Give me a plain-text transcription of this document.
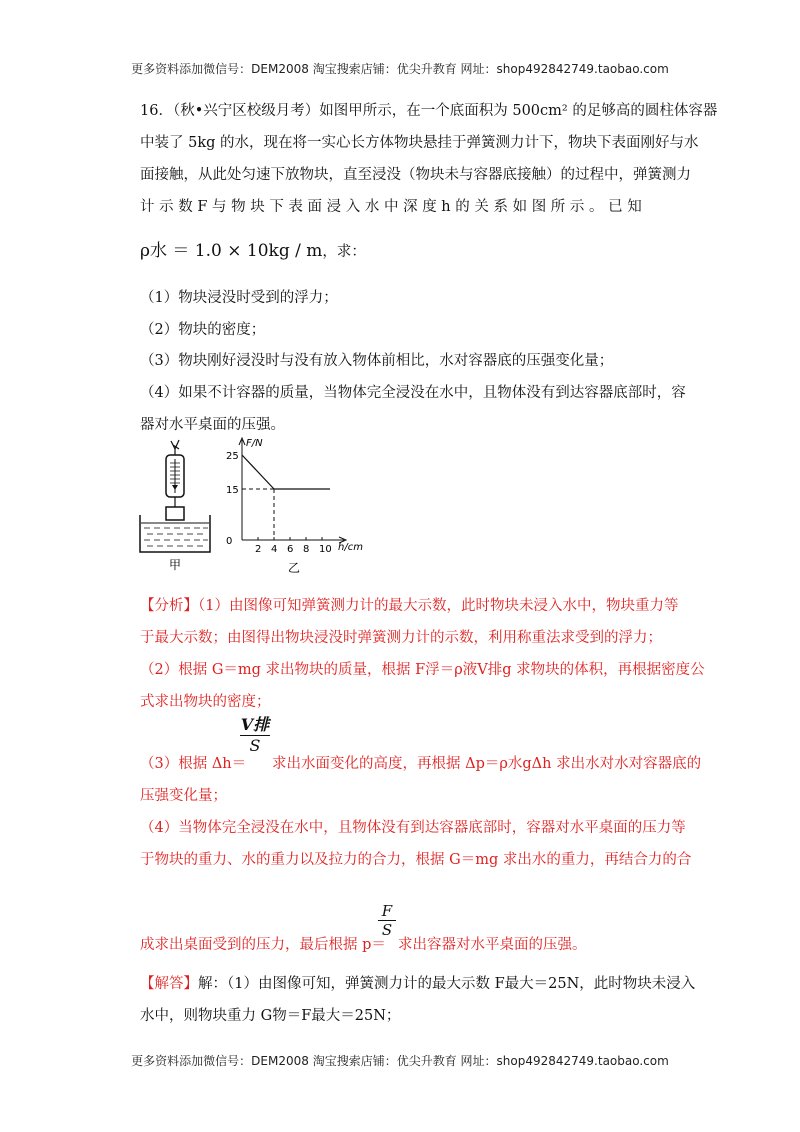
更多资料添加微信号：DEM2008 淘宝搜索店铺：优尖升教育 网址：shop492842749.taobao.com
16．（秋•兴宁区校级月考）如图甲所示，在一个底面积为 500cm² 的足够高的圆柱体容器
中装了 5kg 的水，现在将一实心长方体物块悬挂于弹簧测力计下，物块下表面刚好与水
面接触，从此处匀速下放物块，直至浸没（物块未与容器底接触）的过程中，弹簧测力
计 示 数 F 与 物 块 下 表 面 浸 入 水 中 深 度 h 的 关 系 如 图 所 示 。 已 知
ρ水 ＝ 1.0 × 10kg / m，求：
（1）物块浸没时受到的浮力；
（2）物块的密度；
（3）物块刚好浸没时与没有放入物体前相比，水对容器底的压强变化量；
（4）如果不计容器的质量，当物体完全浸没在水中，且物体没有到达容器底部时，容
器对水平桌面的压强。
甲
F/N
h/cm
25
15
0
2 4 6 8 10
乙
【分析】（1）由图像可知弹簧测力计的最大示数，此时物块未浸入水中，物块重力等
于最大示数；由图得出物块浸没时弹簧测力计的示数，利用称重法求受到的浮力；
（2）根据 G＝mg 求出物块的质量，根据 F浮＝ρ液V排g 求物块的体积，再根据密度公
式求出物块的密度；
V排
S
（3）根据 Δh＝ 求出水面变化的高度，再根据 Δp＝ρ水gΔh 求出水对水对容器底的
压强变化量；
（4）当物体完全浸没在水中，且物体没有到达容器底部时，容器对水平桌面的压力等
于物块的重力、水的重力以及拉力的合力，根据 G＝mg 求出水的重力，再结合力的合
F
S
成求出桌面受到的压力，最后根据 p＝ 求出容器对水平桌面的压强。
【解答】解：（1）由图像可知，弹簧测力计的最大示数 F最大＝25N，此时物块未浸入
水中，则物块重力 G物＝F最大＝25N；
更多资料添加微信号：DEM2008 淘宝搜索店铺：优尖升教育 网址：shop492842749.taobao.com
